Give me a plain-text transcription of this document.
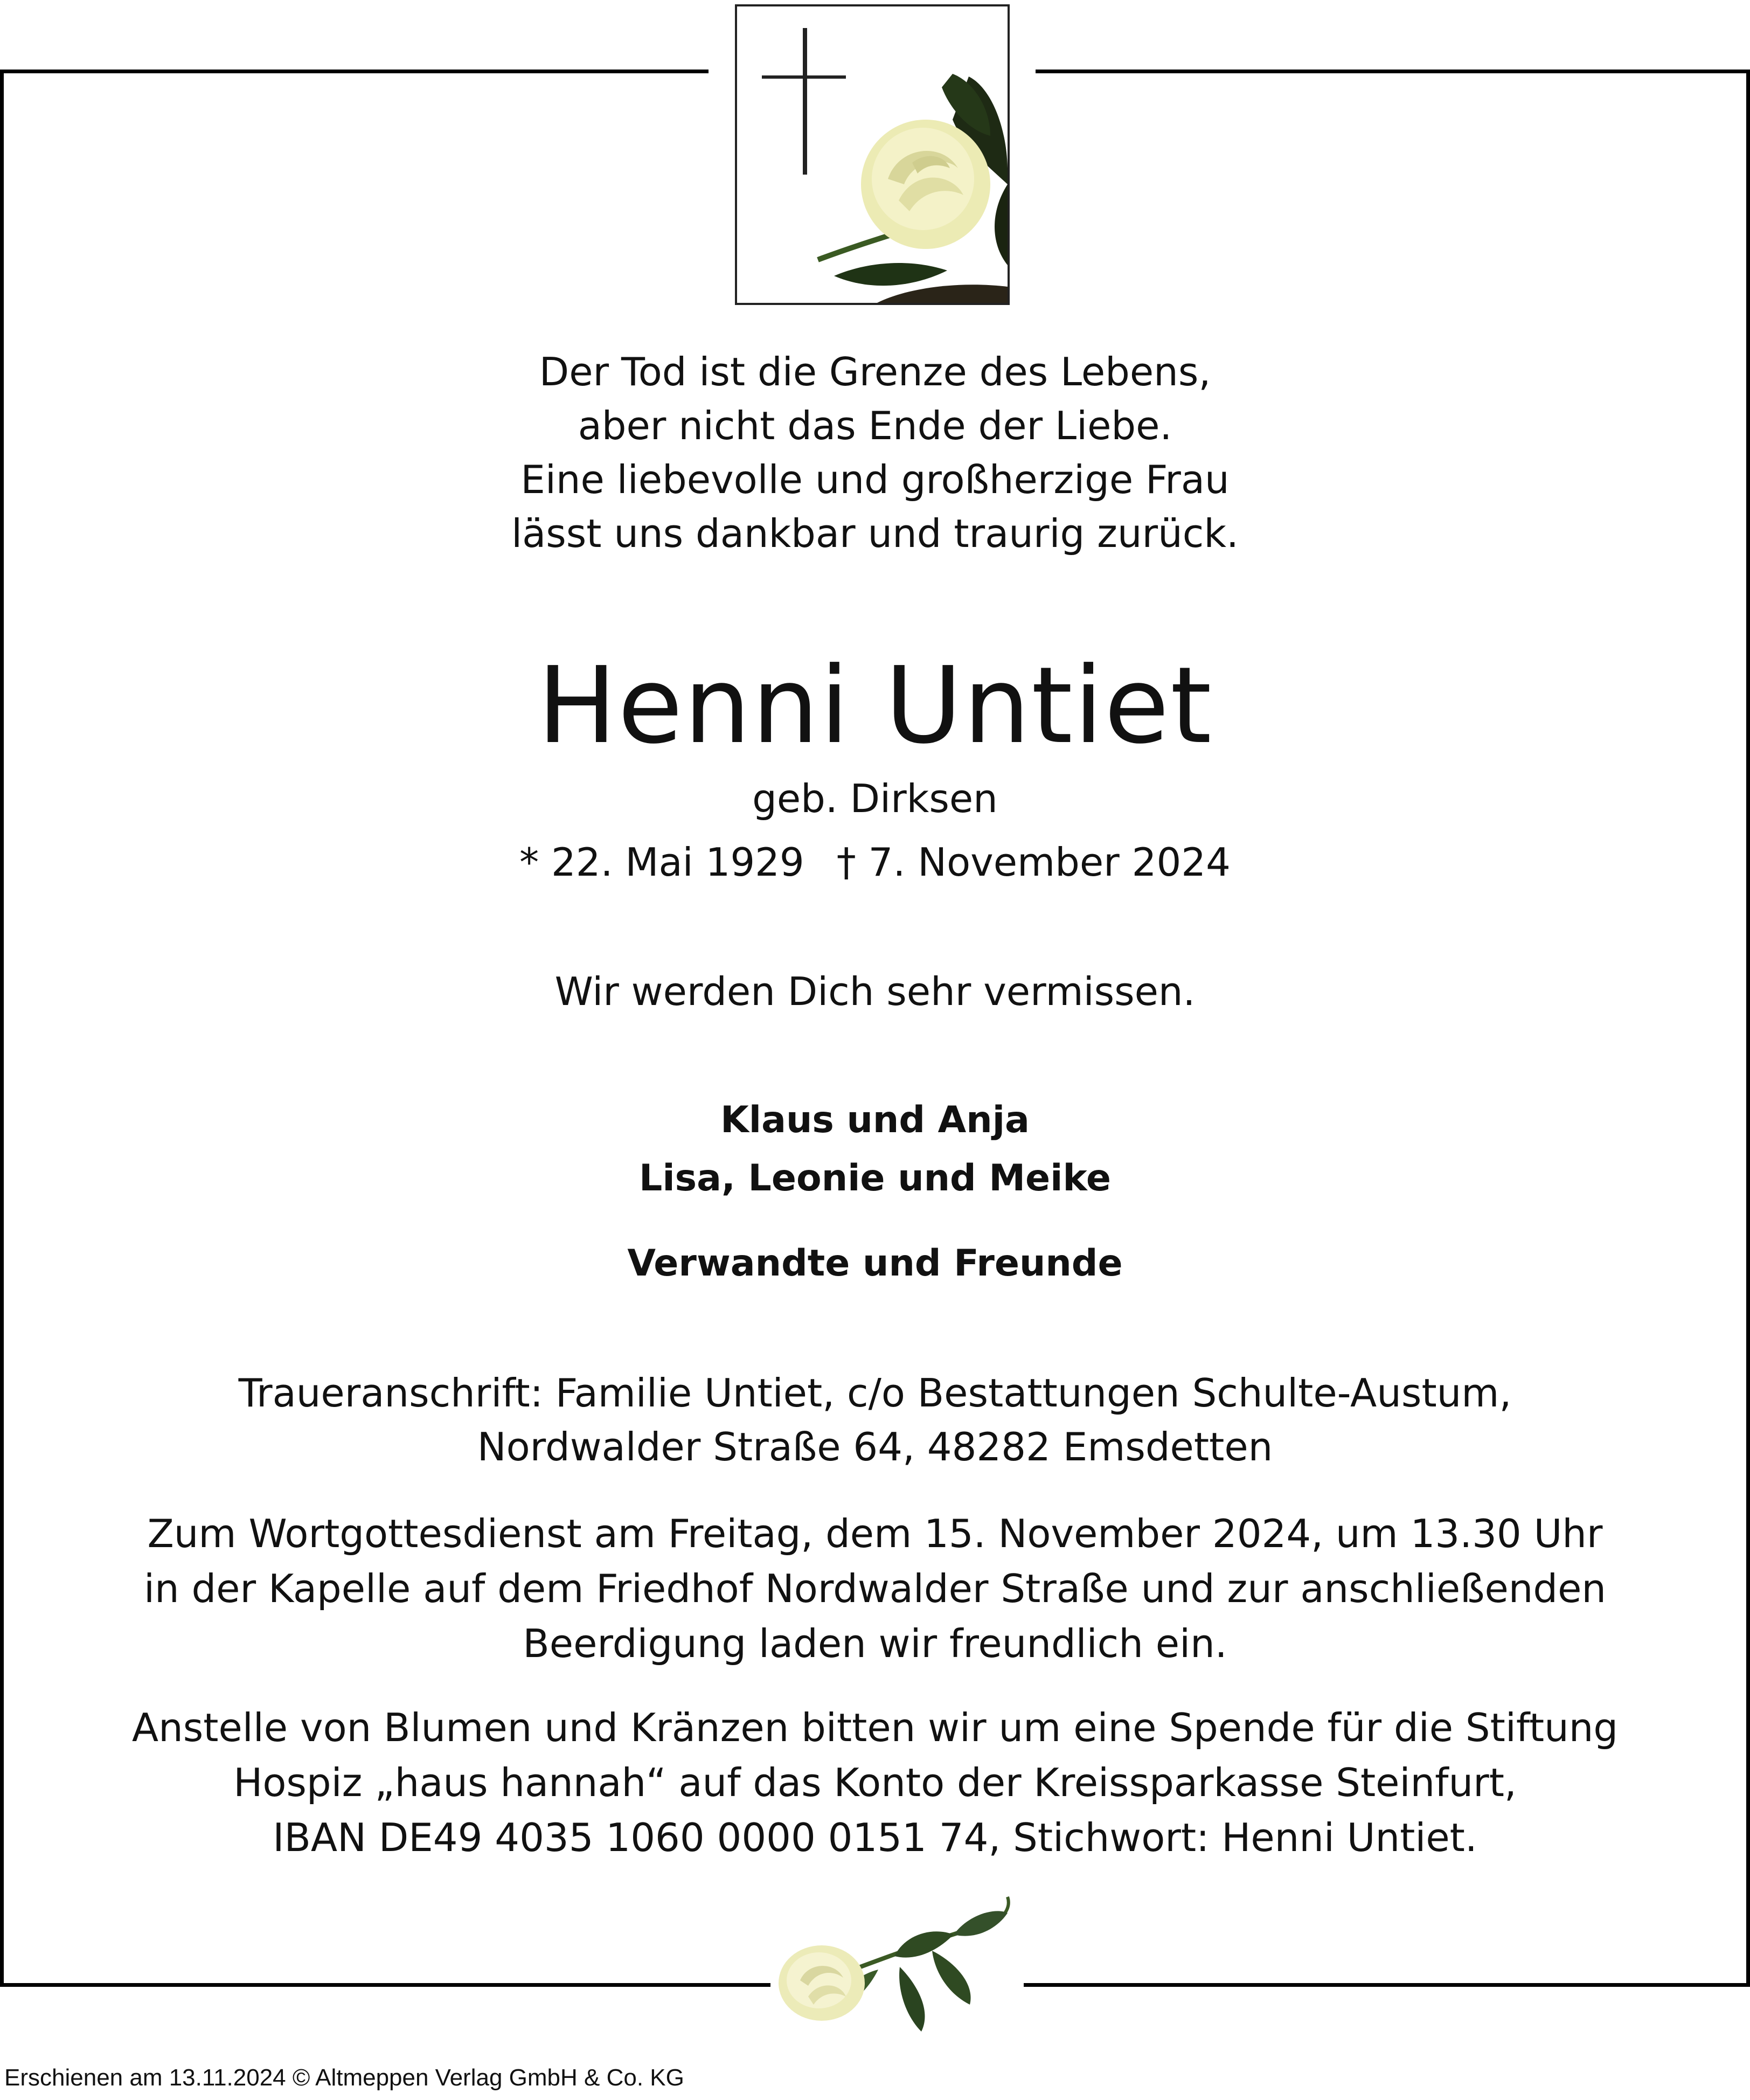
Der Tod ist die Grenze des Lebens,
aber nicht das Ende der Liebe.
Eine liebevolle und großherzige Frau
lässt uns dankbar und traurig zurück.
Henni Untiet
geb. Dirksen
* 22. Mai 1929 † 7. November 2024
Wir werden Dich sehr vermissen.
Klaus und Anja
Lisa, Leonie und Meike
Verwandte und Freunde
Traueranschrift: Familie Untiet, c/o Bestattungen Schulte-Austum,
Nordwalder Straße 64, 48282 Emsdetten
Zum Wortgottesdienst am Freitag, dem 15. November 2024, um 13.30 Uhr
in der Kapelle auf dem Friedhof Nordwalder Straße und zur anschließenden
Beerdigung laden wir freundlich ein.
Anstelle von Blumen und Kränzen bitten wir um eine Spende für die Stiftung
Hospiz „haus hannah“ auf das Konto der Kreissparkasse Steinfurt,
IBAN DE49 4035 1060 0000 0151 74, Stichwort: Henni Untiet.
Erschienen am 13.11.2024 © Altmeppen Verlag GmbH & Co. KG
